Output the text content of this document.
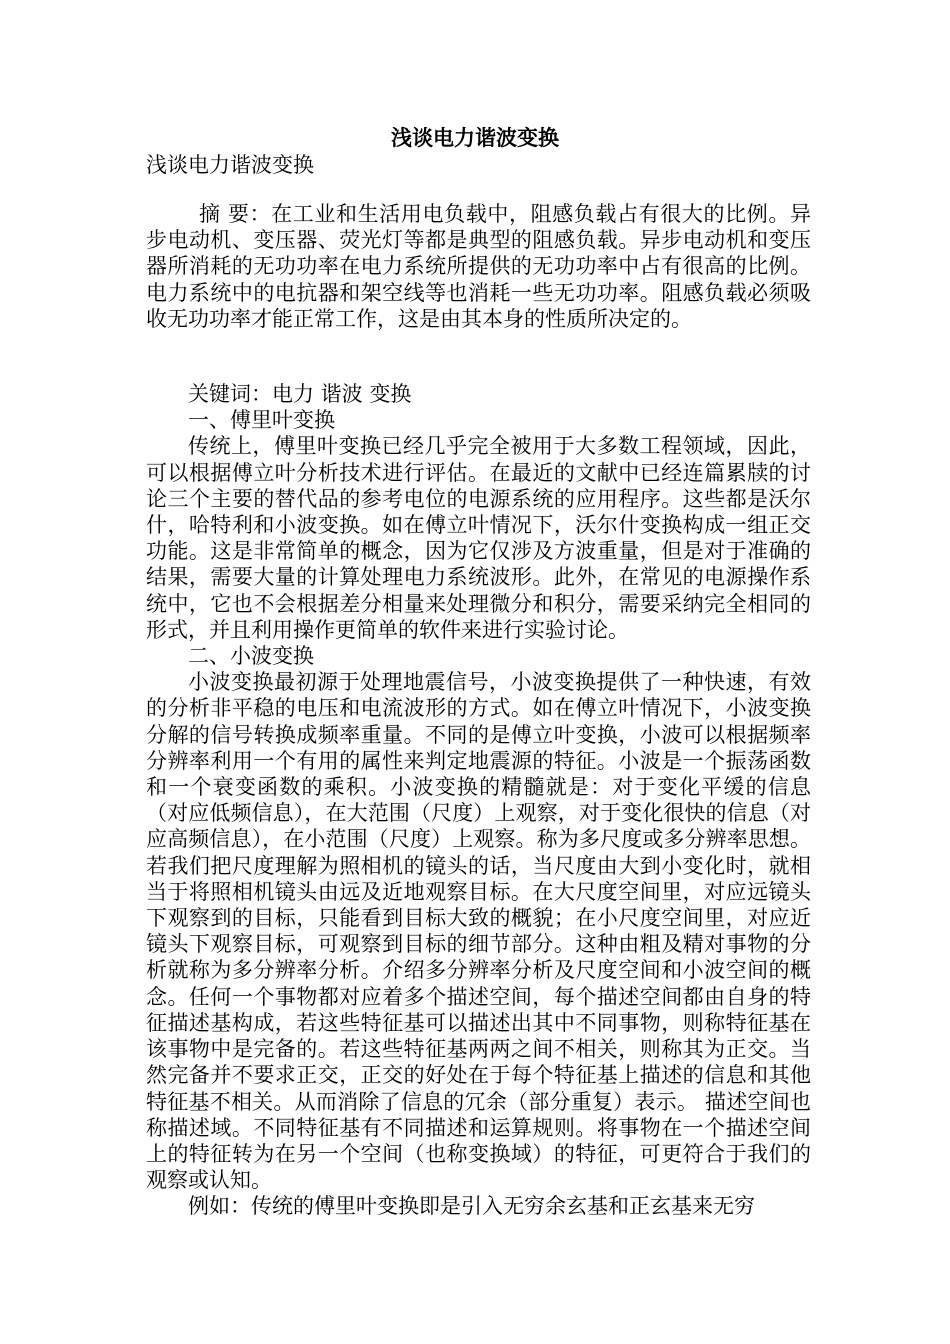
浅谈电力谐波变换
浅谈电力谐波变换

摘 要：在工业和生活用电负载中，阻感负载占有很大的比例。异步电动机、变压器、荧光灯等都是典型的阻感负载。异步电动机和变压器所消耗的无功功率在电力系统所提供的无功功率中占有很高的比例。电力系统中的电抗器和架空线等也消耗一些无功功率。阻感负载必须吸收无功功率才能正常工作，这是由其本身的性质所决定的。

关键词：电力 谐波 变换

一、傅里叶变换

传统上，傅里叶变换已经几乎完全被用于大多数工程领域，因此，可以根据傅立叶分析技术进行评估。在最近的文献中已经连篇累牍的讨论三个主要的替代品的参考电位的电源系统的应用程序。这些都是沃尔什，哈特利和小波变换。如在傅立叶情况下，沃尔什变换构成一组正交功能。这是非常简单的概念，因为它仅涉及方波重量，但是对于准确的结果，需要大量的计算处理电力系统波形。此外，在常见的电源操作系统中，它也不会根据差分相量来处理微分和积分，需要采纳完全相同的形式，并且利用操作更简单的软件来进行实验讨论。

二、小波变换

小波变换最初源于处理地震信号，小波变换提供了一种快速，有效的分析非平稳的电压和电流波形的方式。如在傅立叶情况下，小波变换分解的信号转换成频率重量。不同的是傅立叶变换，小波可以根据频率分辨率利用一个有用的属性来判定地震源的特征。小波是一个振荡函数和一个衰变函数的乘积。小波变换的精髓就是：对于变化平缓的信息（对应低频信息），在大范围（尺度）上观察，对于变化很快的信息（对应高频信息），在小范围（尺度）上观察。称为多尺度或多分辨率思想。 若我们把尺度理解为照相机的镜头的话，当尺度由大到小变化时，就相当于将照相机镜头由远及近地观察目标。在大尺度空间里，对应远镜头下观察到的目标，只能看到目标大致的概貌；在小尺度空间里，对应近镜头下观察目标，可观察到目标的细节部分。这种由粗及精对事物的分析就称为多分辨率分析。介绍多分辨率分析及尺度空间和小波空间的概念。任何一个事物都对应着多个描述空间，每个描述空间都由自身的特征描述基构成，若这些特征基可以描述出其中不同事物，则称特征基在该事物中是完备的。若这些特征基两两之间不相关，则称其为正交。当然完备并不要求正交，正交的好处在于每个特征基上描述的信息和其他特征基不相关。从而消除了信息的冗余（部分重复）表示。 描述空间也称描述域。不同特征基有不同描述和运算规则。将事物在一个描述空间上的特征转为在另一个空间（也称变换域）的特征，可更符合于我们的观察或认知。

例如：传统的傅里叶变换即是引入无穷余玄基和正玄基来无穷
